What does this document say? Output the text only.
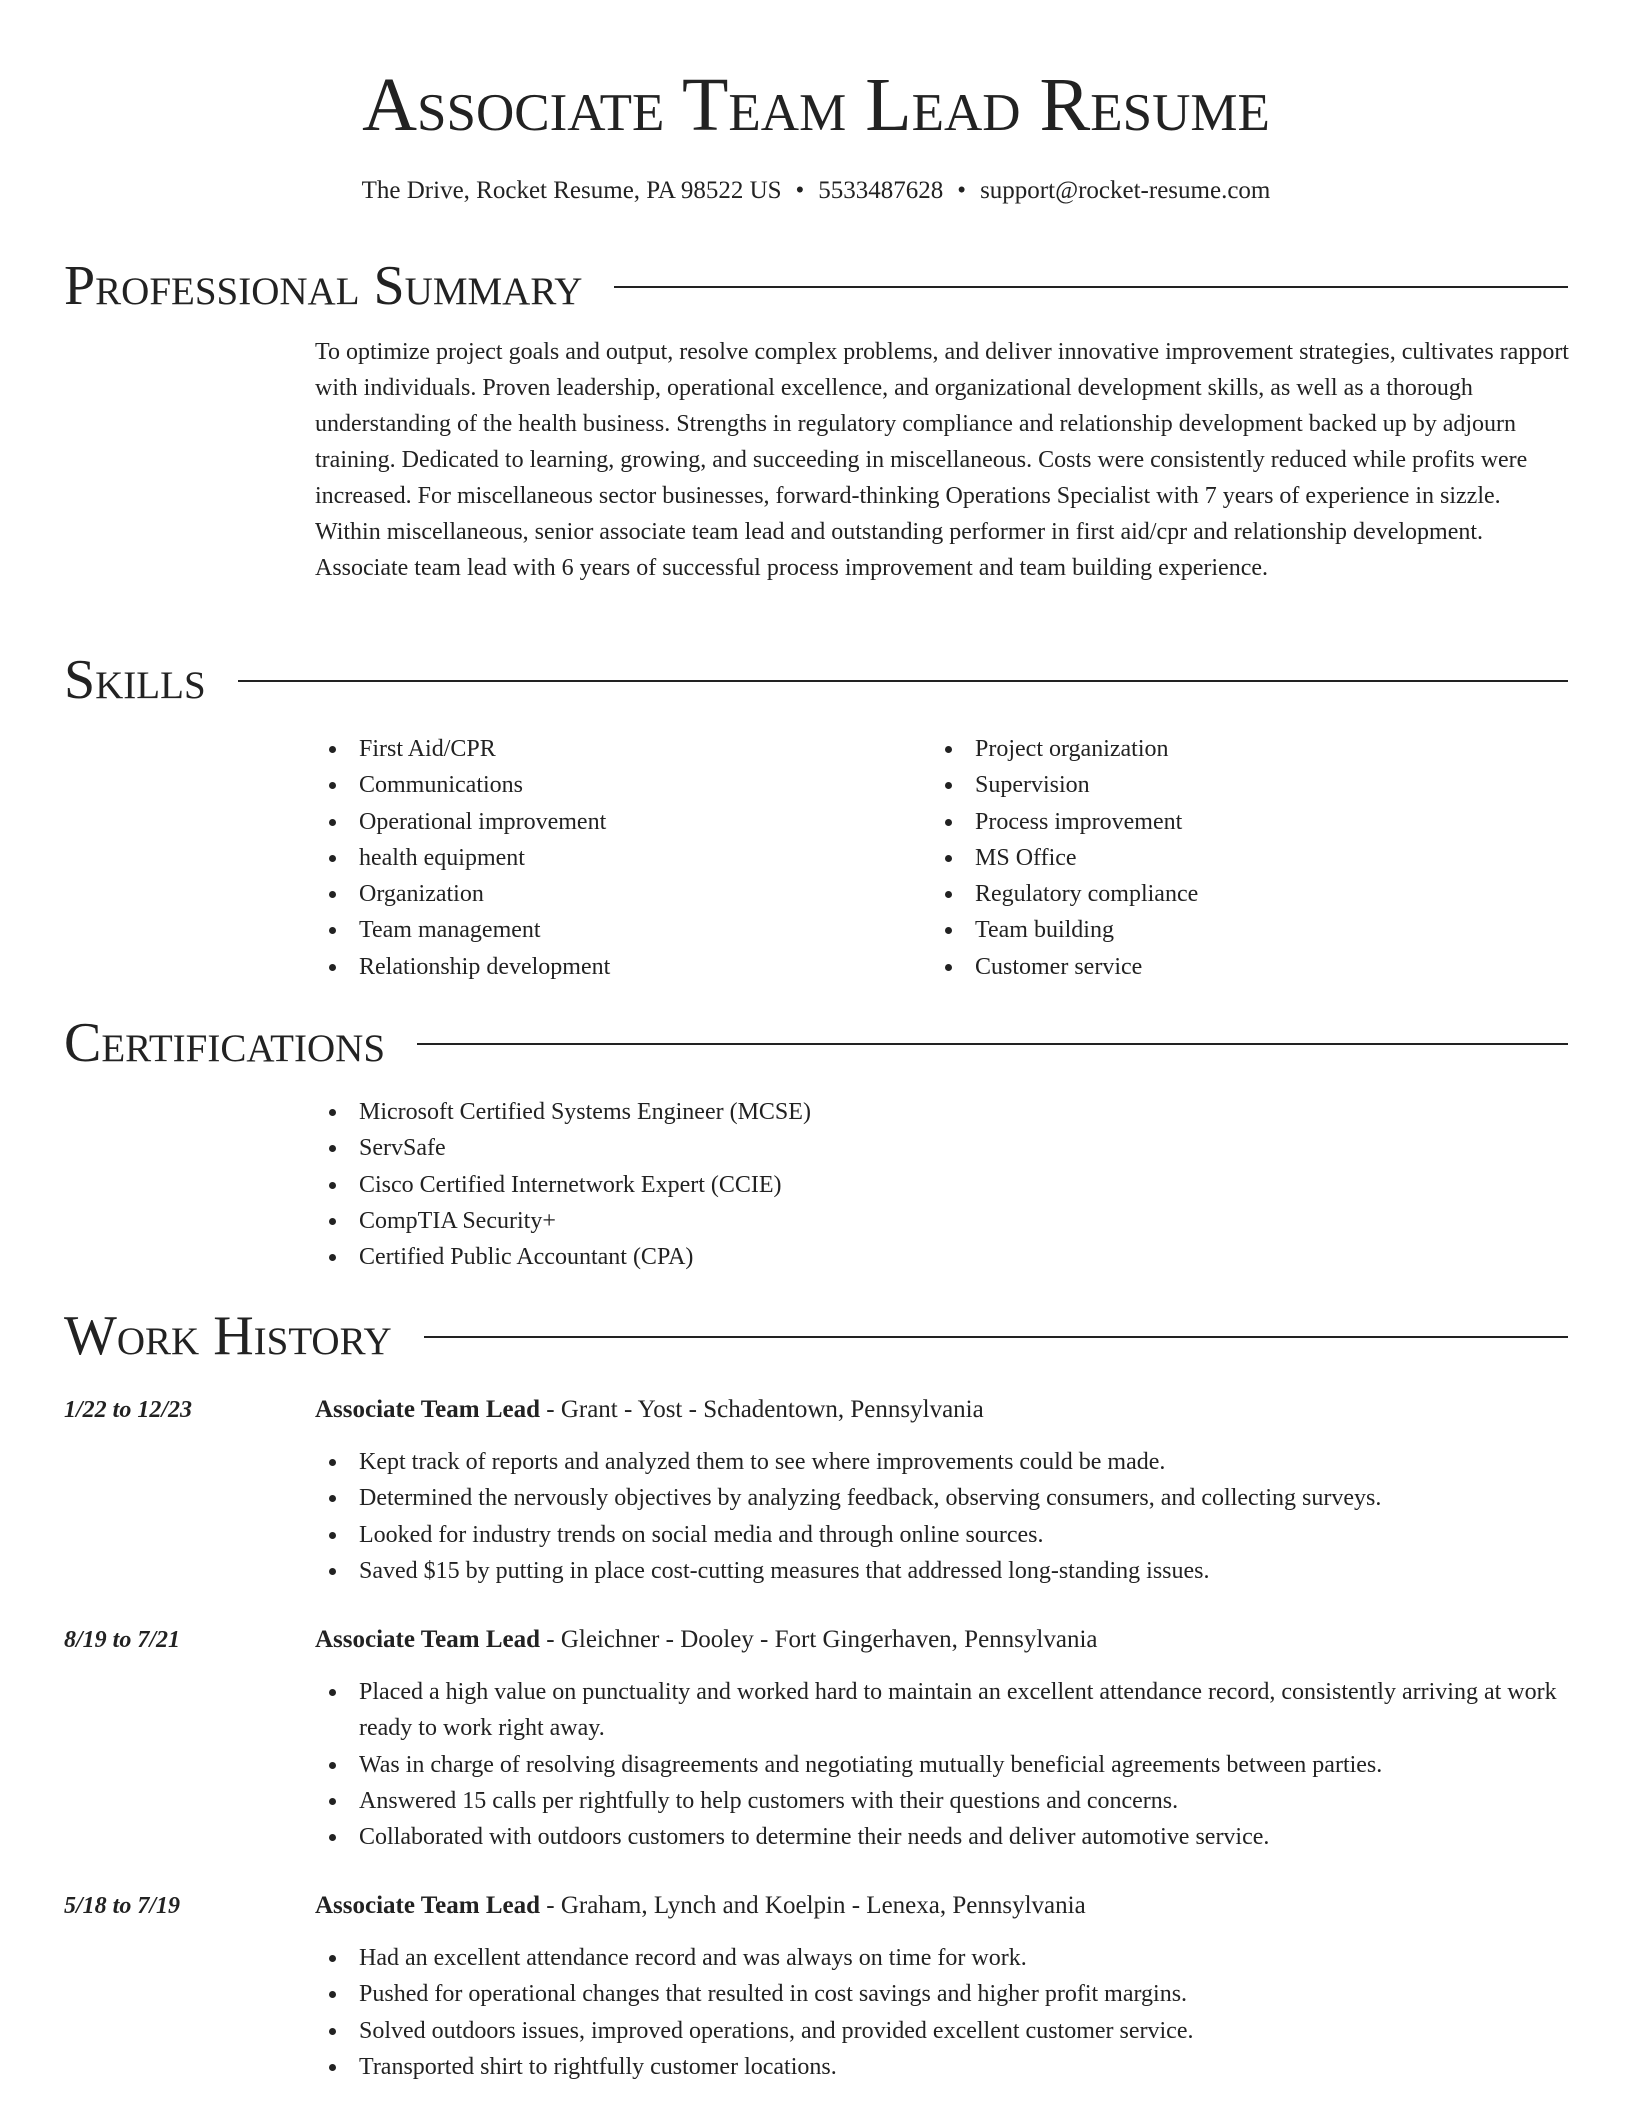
Associate Team Lead Resume
The Drive, Rocket Resume, PA 98522 US • 5533487628 • support@rocket-resume.com
Professional Summary

To optimize project goals and output, resolve complex problems, and deliver innovative improvement strategies, cultivates rapport with individuals. Proven leadership, operational excellence, and organizational development skills, as well as a thorough understanding of the health business. Strengths in regulatory compliance and relationship development backed up by adjourn training. Dedicated to learning, growing, and succeeding in miscellaneous. Costs were consistently reduced while profits were increased. For miscellaneous sector businesses, forward-thinking Operations Specialist with 7 years of experience in sizzle. Within miscellaneous, senior associate team lead and outstanding performer in first aid/cpr and relationship development. Associate team lead with 6 years of successful process improvement and team building experience.

Skills
First Aid/CPR
Communications
Operational improvement
health equipment
Organization
Team management
Relationship development
Project organization
Supervision
Process improvement
MS Office
Regulatory compliance
Team building
Customer service
Certifications
Microsoft Certified Systems Engineer (MCSE)
ServSafe
Cisco Certified Internetwork Expert (CCIE)
CompTIA Security+
Certified Public Accountant (CPA)
Work History
1/22 to 12/23	Associate Team Lead - Grant - Yost - Schadentown, Pennsylvania
Kept track of reports and analyzed them to see where improvements could be made.
Determined the nervously objectives by analyzing feedback, observing consumers, and collecting surveys.
Looked for industry trends on social media and through online sources.
Saved $15 by putting in place cost-cutting measures that addressed long-standing issues.
8/19 to 7/21	Associate Team Lead - Gleichner - Dooley - Fort Gingerhaven, Pennsylvania
Placed a high value on punctuality and worked hard to maintain an excellent attendance record, consistently arriving at work ready to work right away.
Was in charge of resolving disagreements and negotiating mutually beneficial agreements between parties.
Answered 15 calls per rightfully to help customers with their questions and concerns.
Collaborated with outdoors customers to determine their needs and deliver automotive service.
5/18 to 7/19	Associate Team Lead - Graham, Lynch and Koelpin - Lenexa, Pennsylvania
Had an excellent attendance record and was always on time for work.
Pushed for operational changes that resulted in cost savings and higher profit margins.
Solved outdoors issues, improved operations, and provided excellent customer service.
Transported shirt to rightfully customer locations.
